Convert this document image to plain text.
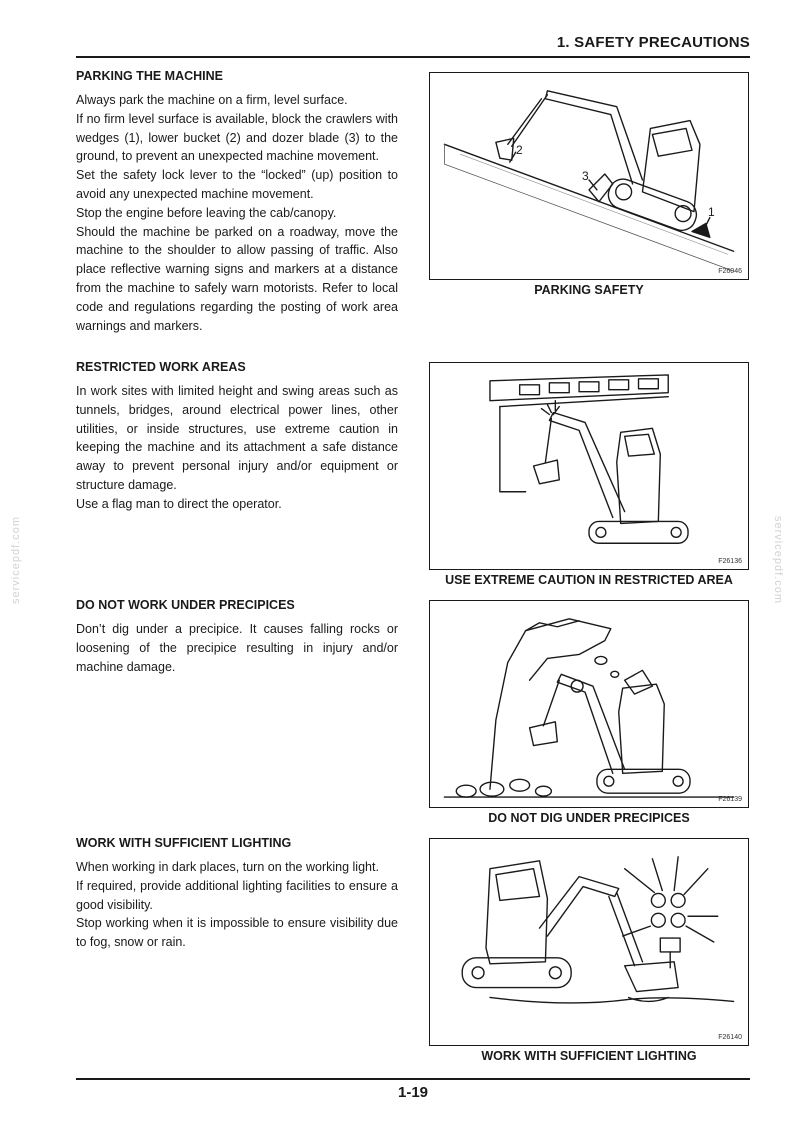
1. SAFETY PRECAUTIONS
servicepdf.com	servicepdf.com
PARKING THE MACHINE

Always park the machine on a firm, level surface.

If no firm level surface is available, block the crawlers with wedges (1), lower bucket (2) and dozer blade (3) to the ground, to prevent an unexpected machine movement.

Set the safety lock lever to the “locked” (up) position to avoid any unexpected machine movement.

Stop the engine before leaving the cab/canopy.

Should the machine be parked on a roadway, move the machine to the shoulder to allow passing of traffic. Also place reflective warning signs and markers at a distance from the machine to safely warn motorists. Refer to local code and regulations regarding the posting of work area warnings and markers.

RESTRICTED WORK AREAS

In work sites with limited height and swing areas such as tunnels, bridges, around electrical power lines, other utilities, or inside structures, use extreme caution in keeping the machine and its attachment a safe distance away to prevent personal injury and/or equipment or structure damage.

Use a flag man to direct the operator.

DO NOT WORK UNDER PRECIPICES

Don’t dig under a precipice. It causes falling rocks or loosening of the precipice resulting in injury and/or machine damage.

WORK WITH SUFFICIENT LIGHTING

When working in dark places, turn on the working light.

If required, provide additional lighting facilities to ensure a good visibility.

Stop working when it is impossible to ensure visibility due to fog, snow or rain.

2
3
1
F26046
PARKING SAFETY
F26136
USE EXTREME CAUTION IN RESTRICTED AREA
F26139
DO NOT DIG UNDER PRECIPICES
F26140
WORK WITH SUFFICIENT LIGHTING
1-19
